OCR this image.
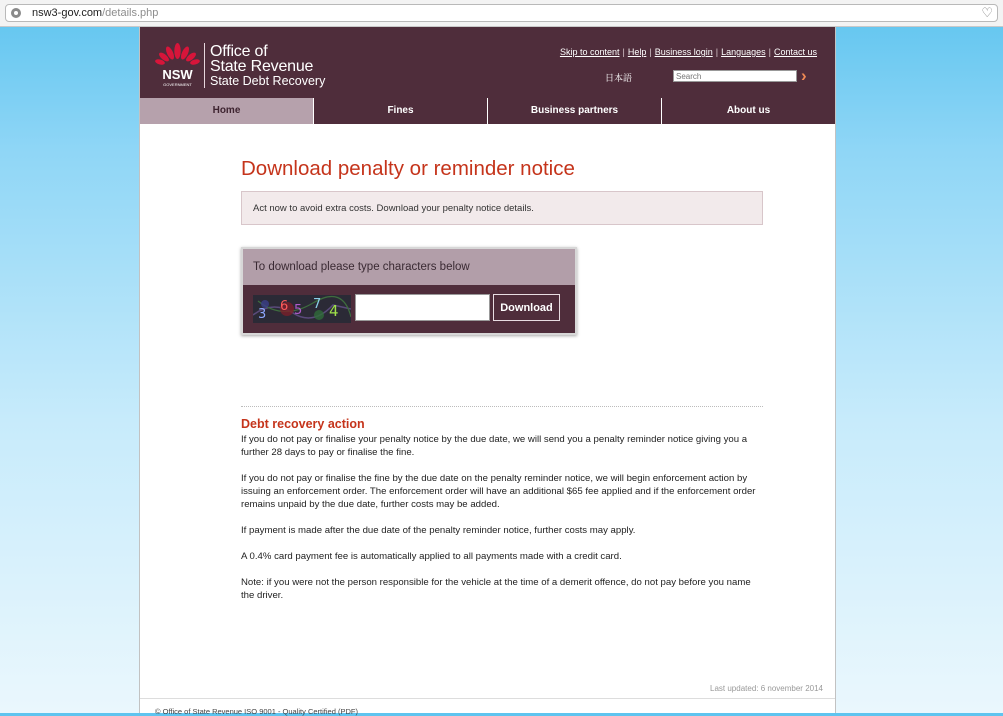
nsw3-gov.com/details.php	♡
NSW
GOVERNMENT
Office of
State Revenue
State Debt Recovery
Skip to content | Help | Business login | Languages | Contact us
日本語
Search	›
Home	Fines	Business partners	About us
Download penalty or reminder notice
Act now to avoid extra costs. Download your penalty notice details.
To download please type characters below
3
6 5 7 4	Download
Debt recovery action

If you do not pay or finalise your penalty notice by the due date, we will send you a penalty reminder notice giving you a further 28 days to pay or finalise the fine.

If you do not pay or finalise the fine by the due date on the penalty reminder notice, we will begin enforcement action by issuing an enforcement order. The enforcement order will have an additional $65 fee applied and if the enforcement order remains unpaid by the due date, further costs may be added.

If payment is made after the due date of the penalty reminder notice, further costs may apply.

A 0.4% card payment fee is automatically applied to all payments made with a credit card.

Note: if you were not the person responsible for the vehicle at the time of a demerit offence, do not pay before you name the driver.

Last updated: 6 november 2014
© Office of State Revenue ISO 9001 - Quality Certified (PDF)
